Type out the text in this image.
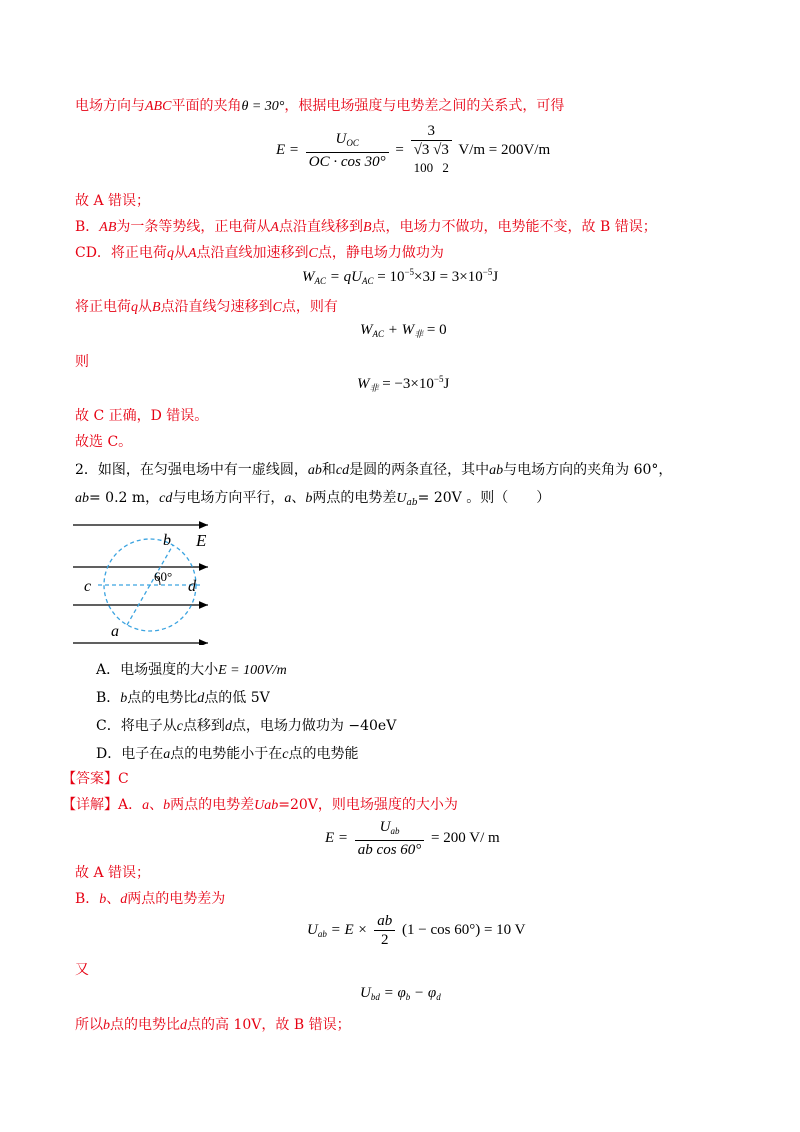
电场方向与ABC平面的夹角θ = 30°，根据电场强度与电势差之间的关系式，可得
$E = \frac{U_{OC}}{OC \cdot \cos 30^\circ}$ =
3
√3 √3
100 2
V/m = 200V/m
故 A 错误；
B．AB为一条等势线，正电荷从A点沿直线移到B点，电场力不做功，电势能不变，故 B 错误；
CD．将正电荷q从A点沿直线加速移到C点，静电场力做功为
$W_{AC} = qU_{AC} = 10^{-5}\times 3J = 3\times 10^{-5}J$
将正电荷q从B点沿直线匀速移到C点，则有
$W_{AC} + W_非 = 0$
则
$W_非 = -3\times 10^{-5}J$
故 C 正确，D 错误。
故选 C。
2．如图，在匀强电场中有一虚线圆，ab和cd是圆的两条直径，其中ab与电场方向的夹角为 60°，
ab= 0.2 m，cd与电场方向平行，a、b两点的电势差$U_{ab}= 20V$ 。则（　　）
b E
c	d
a
60°
A．电场强度的大小E = 100V/m
B．b点的电势比d点的低 5V
C．将电子从c点移到d点，电场力做功为 −40eV
D．电子在a点的电势能小于在c点的电势能
【答案】C
【详解】A．a、b两点的电势差Uab=20V，则电场强度的大小为
$E = \frac{U_{ab}}{\text{ab cos 60°}} = 200$ V/ m
故 A 错误；
B．b、d两点的电势差为
$U_{ab} = E \times \frac{ab}{2} (1 - \cos 60^\circ) = 10$ V
又
$U_{bd} = \varphi_b - \varphi_d$
所以b点的电势比d点的高 10V，故 B 错误；
